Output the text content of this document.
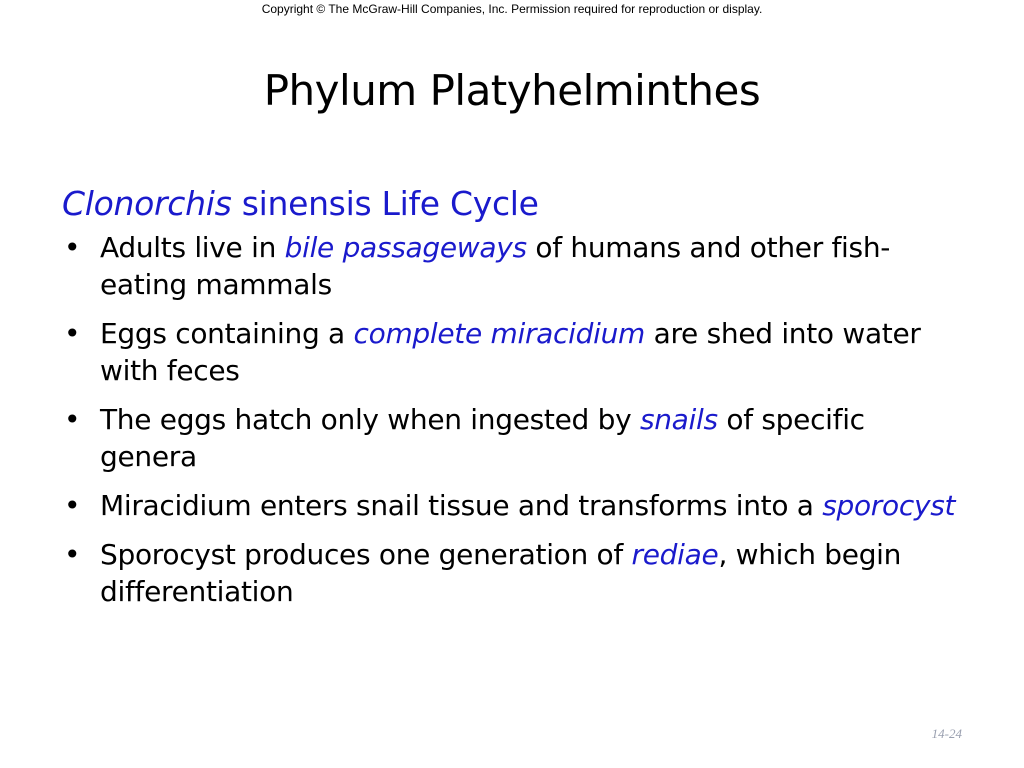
Copyright © The McGraw-Hill Companies, Inc. Permission required for reproduction or display.
Phylum Platyhelminthes
Clonorchis sinensis Life Cycle
• Adults live in bile passageways of humans and other fish-eating mammals
• Eggs containing a complete miracidium are shed into water with feces
• The eggs hatch only when ingested by snails of specific genera
• Miracidium enters snail tissue and transforms into a sporocyst
• Sporocyst produces one generation of rediae, which begin differentiation
14-24
